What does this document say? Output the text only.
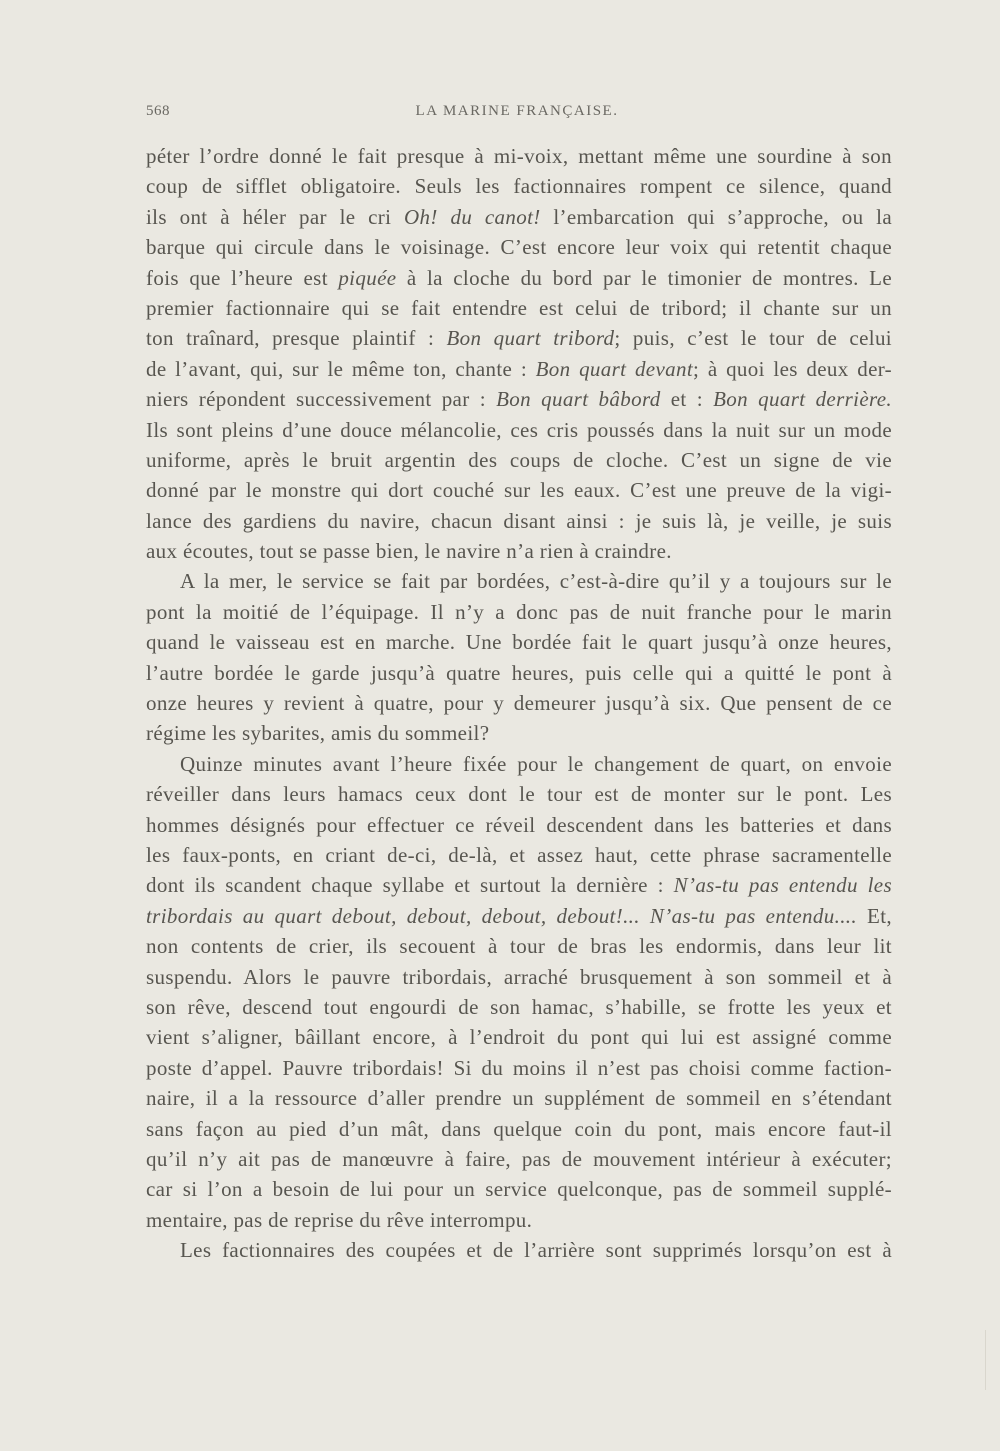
568	LA MARINE FRANÇAISE.
péter l’ordre donné le fait presque à mi-voix, mettant même une sourdine à son
coup de sifflet obligatoire. Seuls les factionnaires rompent ce silence, quand
ils ont à héler par le cri Oh! du canot! l’embarcation qui s’approche, ou la
barque qui circule dans le voisinage. C’est encore leur voix qui retentit chaque
fois que l’heure est piquée à la cloche du bord par le timonier de montres. Le
premier factionnaire qui se fait entendre est celui de tribord; il chante sur un
ton traînard, presque plaintif : Bon quart tribord; puis, c’est le tour de celui
de l’avant, qui, sur le même ton, chante : Bon quart devant; à quoi les deux der-
niers répondent successivement par : Bon quart bâbord et : Bon quart derrière.
Ils sont pleins d’une douce mélancolie, ces cris poussés dans la nuit sur un mode
uniforme, après le bruit argentin des coups de cloche. C’est un signe de vie
donné par le monstre qui dort couché sur les eaux. C’est une preuve de la vigi-
lance des gardiens du navire, chacun disant ainsi : je suis là, je veille, je suis
aux écoutes, tout se passe bien, le navire n’a rien à craindre.
A la mer, le service se fait par bordées, c’est-à-dire qu’il y a toujours sur le
pont la moitié de l’équipage. Il n’y a donc pas de nuit franche pour le marin
quand le vaisseau est en marche. Une bordée fait le quart jusqu’à onze heures,
l’autre bordée le garde jusqu’à quatre heures, puis celle qui a quitté le pont à
onze heures y revient à quatre, pour y demeurer jusqu’à six. Que pensent de ce
régime les sybarites, amis du sommeil?
Quinze minutes avant l’heure fixée pour le changement de quart, on envoie
réveiller dans leurs hamacs ceux dont le tour est de monter sur le pont. Les
hommes désignés pour effectuer ce réveil descendent dans les batteries et dans
les faux-ponts, en criant de-ci, de-là, et assez haut, cette phrase sacramentelle
dont ils scandent chaque syllabe et surtout la dernière : N’as-tu pas entendu les
tribordais au quart debout, debout, debout, debout!... N’as-tu pas entendu.... Et,
non contents de crier, ils secouent à tour de bras les endormis, dans leur lit
suspendu. Alors le pauvre tribordais, arraché brusquement à son sommeil et à
son rêve, descend tout engourdi de son hamac, s’habille, se frotte les yeux et
vient s’aligner, bâillant encore, à l’endroit du pont qui lui est assigné comme
poste d’appel. Pauvre tribordais! Si du moins il n’est pas choisi comme faction-
naire, il a la ressource d’aller prendre un supplément de sommeil en s’étendant
sans façon au pied d’un mât, dans quelque coin du pont, mais encore faut-il
qu’il n’y ait pas de manœuvre à faire, pas de mouvement intérieur à exécuter;
car si l’on a besoin de lui pour un service quelconque, pas de sommeil supplé-
mentaire, pas de reprise du rêve interrompu.
Les factionnaires des coupées et de l’arrière sont supprimés lorsqu’on est à
